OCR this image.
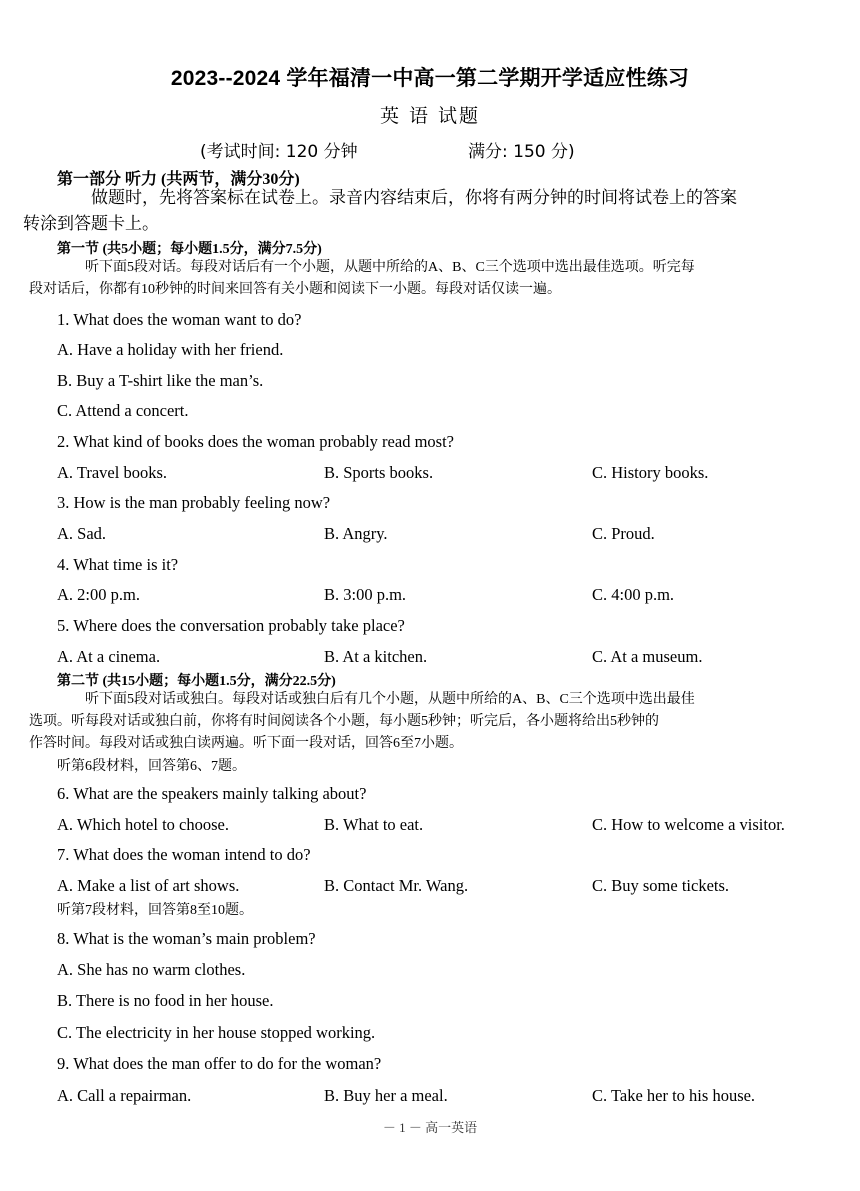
2023--2024 学年福清一中高一第二学期开学适应性练习
英 语 试题
(考试时间: 120 分钟	满分: 150 分)
第一部分 听力 (共两节，满分30分)
做题时，先将答案标在试卷上。录音内容结束后，你将有两分钟的时间将试卷上的答案
转涂到答题卡上。
第一节 (共5小题；每小题1.5分，满分7.5分)
听下面5段对话。每段对话后有一个小题，从题中所给的A、B、C三个选项中选出最佳选项。听完每
段对话后，你都有10秒钟的时间来回答有关小题和阅读下一小题。每段对话仅读一遍。
1. What does the woman want to do?
A. Have a holiday with her friend.
B. Buy a T-shirt like the man’s.
C. Attend a concert.
2. What kind of books does the woman probably read most?
A. Travel books.	B. Sports books.	C. History books.
3. How is the man probably feeling now?
A. Sad.	B. Angry.	C. Proud.
4. What time is it?
A. 2:00 p.m.	B. 3:00 p.m.	C. 4:00 p.m.
5. Where does the conversation probably take place?
A. At a cinema.	B. At a kitchen.	C. At a museum.
第二节 (共15小题；每小题1.5分，满分22.5分)
听下面5段对话或独白。每段对话或独白后有几个小题，从题中所给的A、B、C三个选项中选出最佳
选项。听每段对话或独白前，你将有时间阅读各个小题，每小题5秒钟；听完后，各小题将给出5秒钟的
作答时间。每段对话或独白读两遍。听下面一段对话，回答6至7小题。
听第6段材料，回答第6、7题。
6. What are the speakers mainly talking about?
A. Which hotel to choose.	B. What to eat.	C. How to welcome a visitor.
7. What does the woman intend to do?
A. Make a list of art shows.	B. Contact Mr. Wang.	C. Buy some tickets.
听第7段材料，回答第8至10题。
8. What is the woman’s main problem?
A. She has no warm clothes.
B. There is no food in her house.
C. The electricity in her house stopped working.
9. What does the man offer to do for the woman?
A. Call a repairman.	B. Buy her a meal.	C. Take her to his house.
－ 1 － 高一英语
